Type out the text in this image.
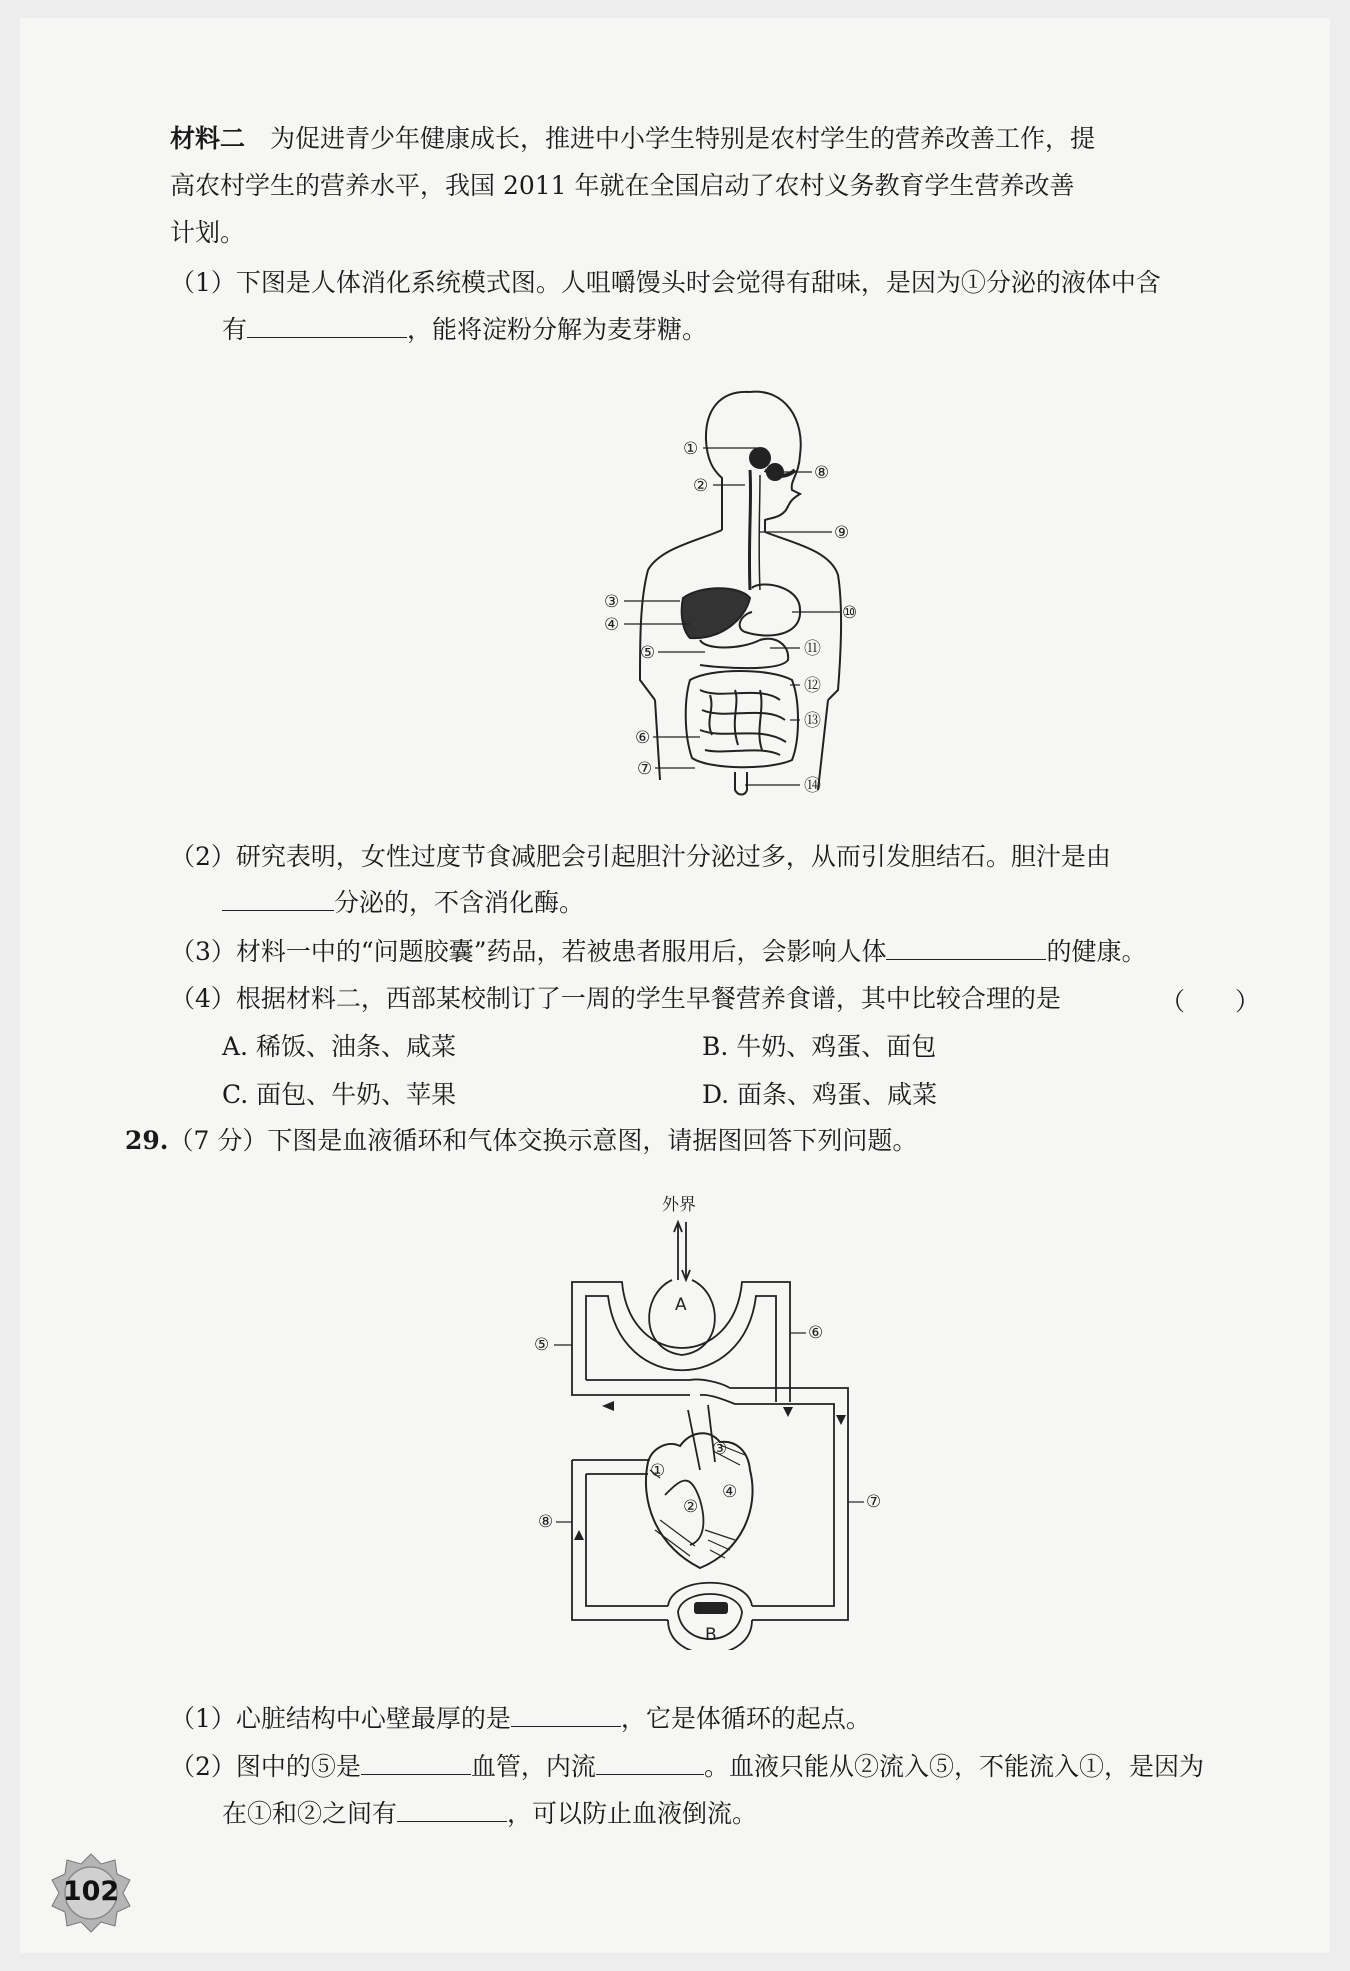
材料二　 为促进青少年健康成长，推进中小学生特别是农村学生的营养改善工作，提
高农村学生的营养水平，我国 2011 年就在全国启动了农村义务教育学生营养改善
计划。
（1）下图是人体消化系统模式图。人咀嚼馒头时会觉得有甜味，是因为①分泌的液体中含
有	，能将淀粉分解为麦芽糖。
①
②
③
④
⑤
⑥
⑦
⑧
⑨
⑩
⑪
⑫
⑬
⑭
（2）研究表明，女性过度节食减肥会引起胆汁分泌过多，从而引发胆结石。胆汁是由
分泌的，不含消化酶。
（3）材料一中的“问题胶囊”药品，若被患者服用后，会影响人体	的健康。
（4）根据材料二，西部某校制订了一周的学生早餐营养食谱，其中比较合理的是	（　　）
A. 稀饭、油条、咸菜	B. 牛奶、鸡蛋、面包
C. 面包、牛奶、苹果	D. 面条、鸡蛋、咸菜
29.（7 分）下图是血液循环和气体交换示意图，请据图回答下列问题。
外界
A
B
①
②
③
④
⑤
⑥
⑦
⑧
（1）心脏结构中心壁最厚的是	，它是体循环的起点。
（2）图中的⑤是	血管，内流	。血液只能从②流入⑤，不能流入①，是因为
在①和②之间有	，可以防止血液倒流。
102
